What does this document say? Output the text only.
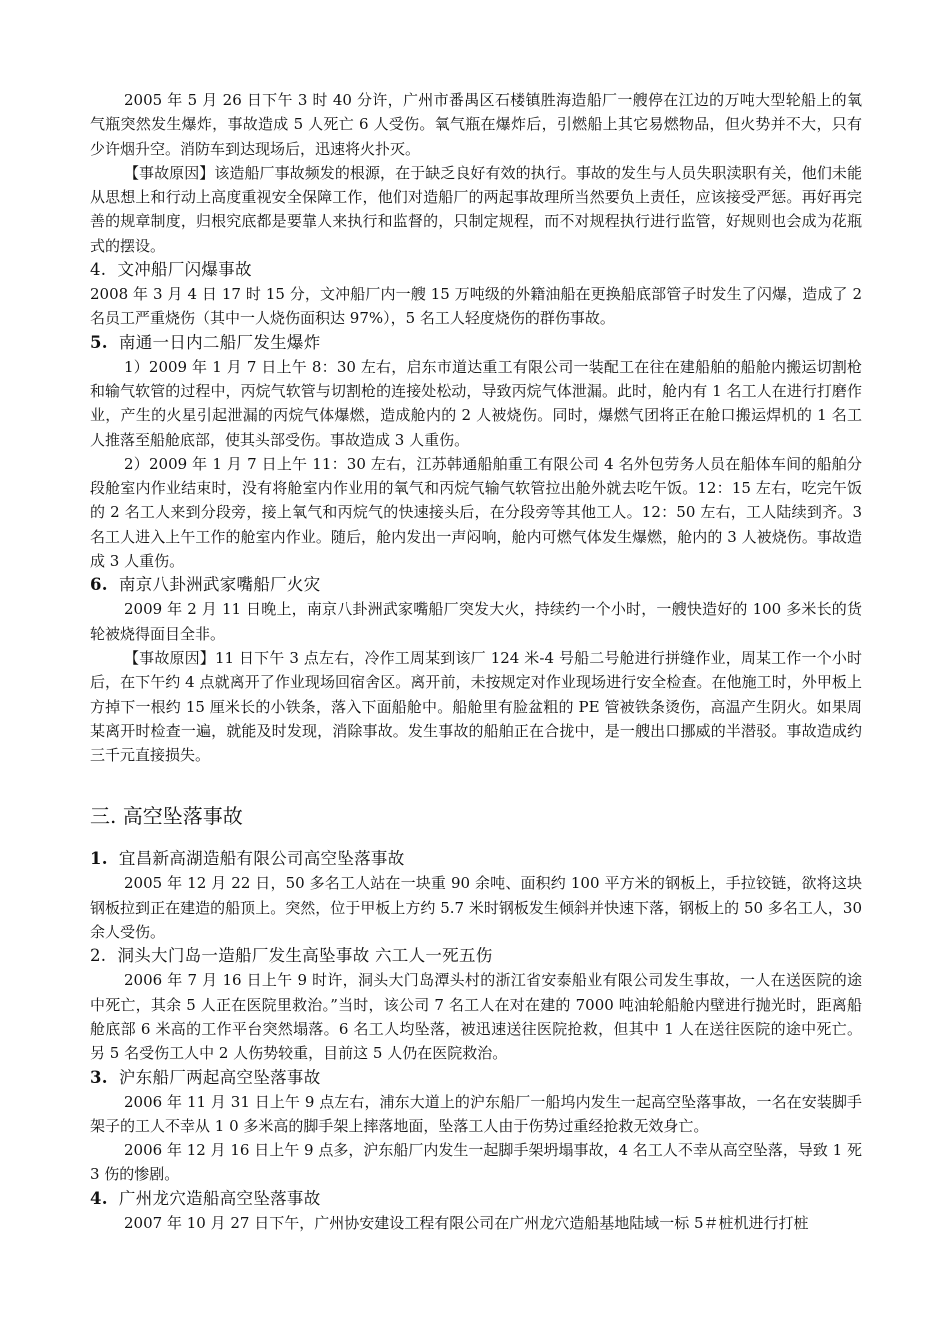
2005 年 5 月 26 日下午 3 时 40 分许，广州市番禺区石楼镇胜海造船厂一艘停在江边的万吨大型轮船上的氧气瓶突然发生爆炸，事故造成 5 人死亡 6 人受伤。氧气瓶在爆炸后，引燃船上其它易燃物品，但火势并不大，只有少许烟升空。消防车到达现场后，迅速将火扑灭。

【事故原因】该造船厂事故频发的根源，在于缺乏良好有效的执行。事故的发生与人员失职渎职有关，他们未能从思想上和行动上高度重视安全保障工作，他们对造船厂的两起事故理所当然要负上责任，应该接受严惩。再好再完善的规章制度，归根究底都是要靠人来执行和监督的，只制定规程，而不对规程执行进行监管，好规则也会成为花瓶式的摆设。

4. 文冲船厂闪爆事故

2008 年 3 月 4 日 17 时 15 分，文冲船厂内一艘 15 万吨级的外籍油船在更换船底部管子时发生了闪爆，造成了 2 名员工严重烧伤（其中一人烧伤面积达 97%），5 名工人轻度烧伤的群伤事故。

5. 南通一日内二船厂发生爆炸

1）2009 年 1 月 7 日上午 8：30 左右，启东市道达重工有限公司一装配工在往在建船舶的船舱内搬运切割枪和输气软管的过程中，丙烷气软管与切割枪的连接处松动，导致丙烷气体泄漏。此时，舱内有 1 名工人在进行打磨作业，产生的火星引起泄漏的丙烷气体爆燃，造成舱内的 2 人被烧伤。同时，爆燃气团将正在舱口搬运焊机的 1 名工人推落至船舱底部，使其头部受伤。事故造成 3 人重伤。

2）2009 年 1 月 7 日上午 11：30 左右，江苏韩通船舶重工有限公司 4 名外包劳务人员在船体车间的船舶分段舱室内作业结束时，没有将舱室内作业用的氧气和丙烷气输气软管拉出舱外就去吃午饭。12：15 左右，吃完午饭的 2 名工人来到分段旁，接上氧气和丙烷气的快速接头后，在分段旁等其他工人。12：50 左右，工人陆续到齐。3 名工人进入上午工作的舱室内作业。随后，舱内发出一声闷响，舱内可燃气体发生爆燃，舱内的 3 人被烧伤。事故造成 3 人重伤。

6. 南京八卦洲武家嘴船厂火灾

2009 年 2 月 11 日晚上，南京八卦洲武家嘴船厂突发大火，持续约一个小时，一艘快造好的 100 多米长的货轮被烧得面目全非。

【事故原因】11 日下午 3 点左右，冷作工周某到该厂 124 米-4 号船二号舱进行拼缝作业，周某工作一个小时后，在下午约 4 点就离开了作业现场回宿舍区。离开前，未按规定对作业现场进行安全检查。在他施工时，外甲板上方掉下一根约 15 厘米长的小铁条，落入下面船舱中。船舱里有脸盆粗的 PE 管被铁条烫伤，高温产生阴火。如果周某离开时检查一遍，就能及时发现，消除事故。发生事故的船舶正在合拢中，是一艘出口挪威的半潜驳。事故造成约三千元直接损失。

三. 高空坠落事故

1. 宜昌新高湖造船有限公司高空坠落事故

2005 年 12 月 22 日，50 多名工人站在一块重 90 余吨、面积约 100 平方米的钢板上，手拉铰链，欲将这块钢板拉到正在建造的船顶上。突然，位于甲板上方约 5.7 米时钢板发生倾斜并快速下落，钢板上的 50 多名工人，30 余人受伤。

2. 洞头大门岛一造船厂发生高坠事故 六工人一死五伤

2006 年 7 月 16 日上午 9 时许，洞头大门岛潭头村的浙江省安泰船业有限公司发生事故，一人在送医院的途中死亡，其余 5 人正在医院里救治。”当时，该公司 7 名工人在对在建的 7000 吨油轮船舱内壁进行抛光时，距离船舱底部 6 米高的工作平台突然塌落。6 名工人均坠落，被迅速送往医院抢救，但其中 1 人在送往医院的途中死亡。另 5 名受伤工人中 2 人伤势较重，目前这 5 人仍在医院救治。

3. 沪东船厂两起高空坠落事故

2006 年 11 月 31 日上午 9 点左右，浦东大道上的沪东船厂一船坞内发生一起高空坠落事故，一名在安装脚手架子的工人不幸从 1 0 多米高的脚手架上摔落地面，坠落工人由于伤势过重经抢救无效身亡。

2006 年 12 月 16 日上午 9 点多，沪东船厂内发生一起脚手架坍塌事故，4 名工人不幸从高空坠落，导致 1 死 3 伤的惨剧。

4. 广州龙穴造船高空坠落事故

2007 年 10 月 27 日下午，广州协安建设工程有限公司在广州龙穴造船基地陆域一标 5＃桩机进行打桩
